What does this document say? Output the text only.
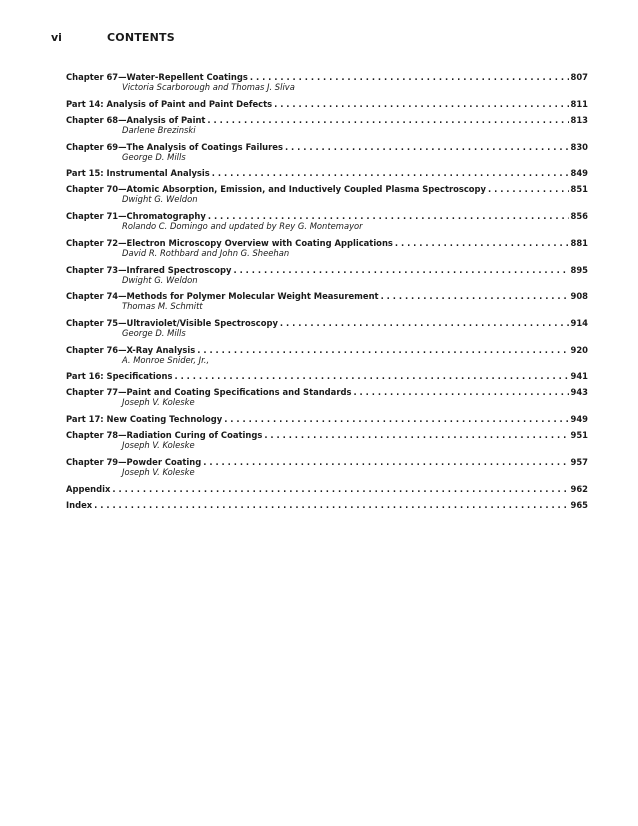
vi	CONTENTS
Chapter 67—Water-Repellent Coatings . . .	807
Victoria Scarborough and Thomas J. Sliva
Part 14: Analysis of Paint and Paint Defects . . .	811
Chapter 68—Analysis of Paint . . .	813
Darlene Brezinski
Chapter 69—The Analysis of Coatings Failures . . .	830
George D. Mills
Part 15: Instrumental Analysis . . .	849
Chapter 70—Atomic Absorption, Emission, and Inductively Coupled Plasma Spectroscopy . . .	851
Dwight G. Weldon
Chapter 71—Chromatography . . .	856
Rolando C. Domingo and updated by Rey G. Montemayor
Chapter 72—Electron Microscopy Overview with Coating Applications . . .	881
David R. Rothbard and John G. Sheehan
Chapter 73—Infrared Spectroscopy . . .	895
Dwight G. Weldon
Chapter 74—Methods for Polymer Molecular Weight Measurement . . .	908
Thomas M. Schmitt
Chapter 75—Ultraviolet/Visible Spectroscopy . . .	914
George D. Mills
Chapter 76—X-Ray Analysis . . .	920
A. Monroe Snider, Jr.,
Part 16: Specifications . . .	941
Chapter 77—Paint and Coating Specifications and Standards . . .	943
Joseph V. Koleske
Part 17: New Coating Technology . . .	949
Chapter 78—Radiation Curing of Coatings . . .	951
Joseph V. Koleske
Chapter 79—Powder Coating . . .	957
Joseph V. Koleske
Appendix . . .	962
Index . . .	965
